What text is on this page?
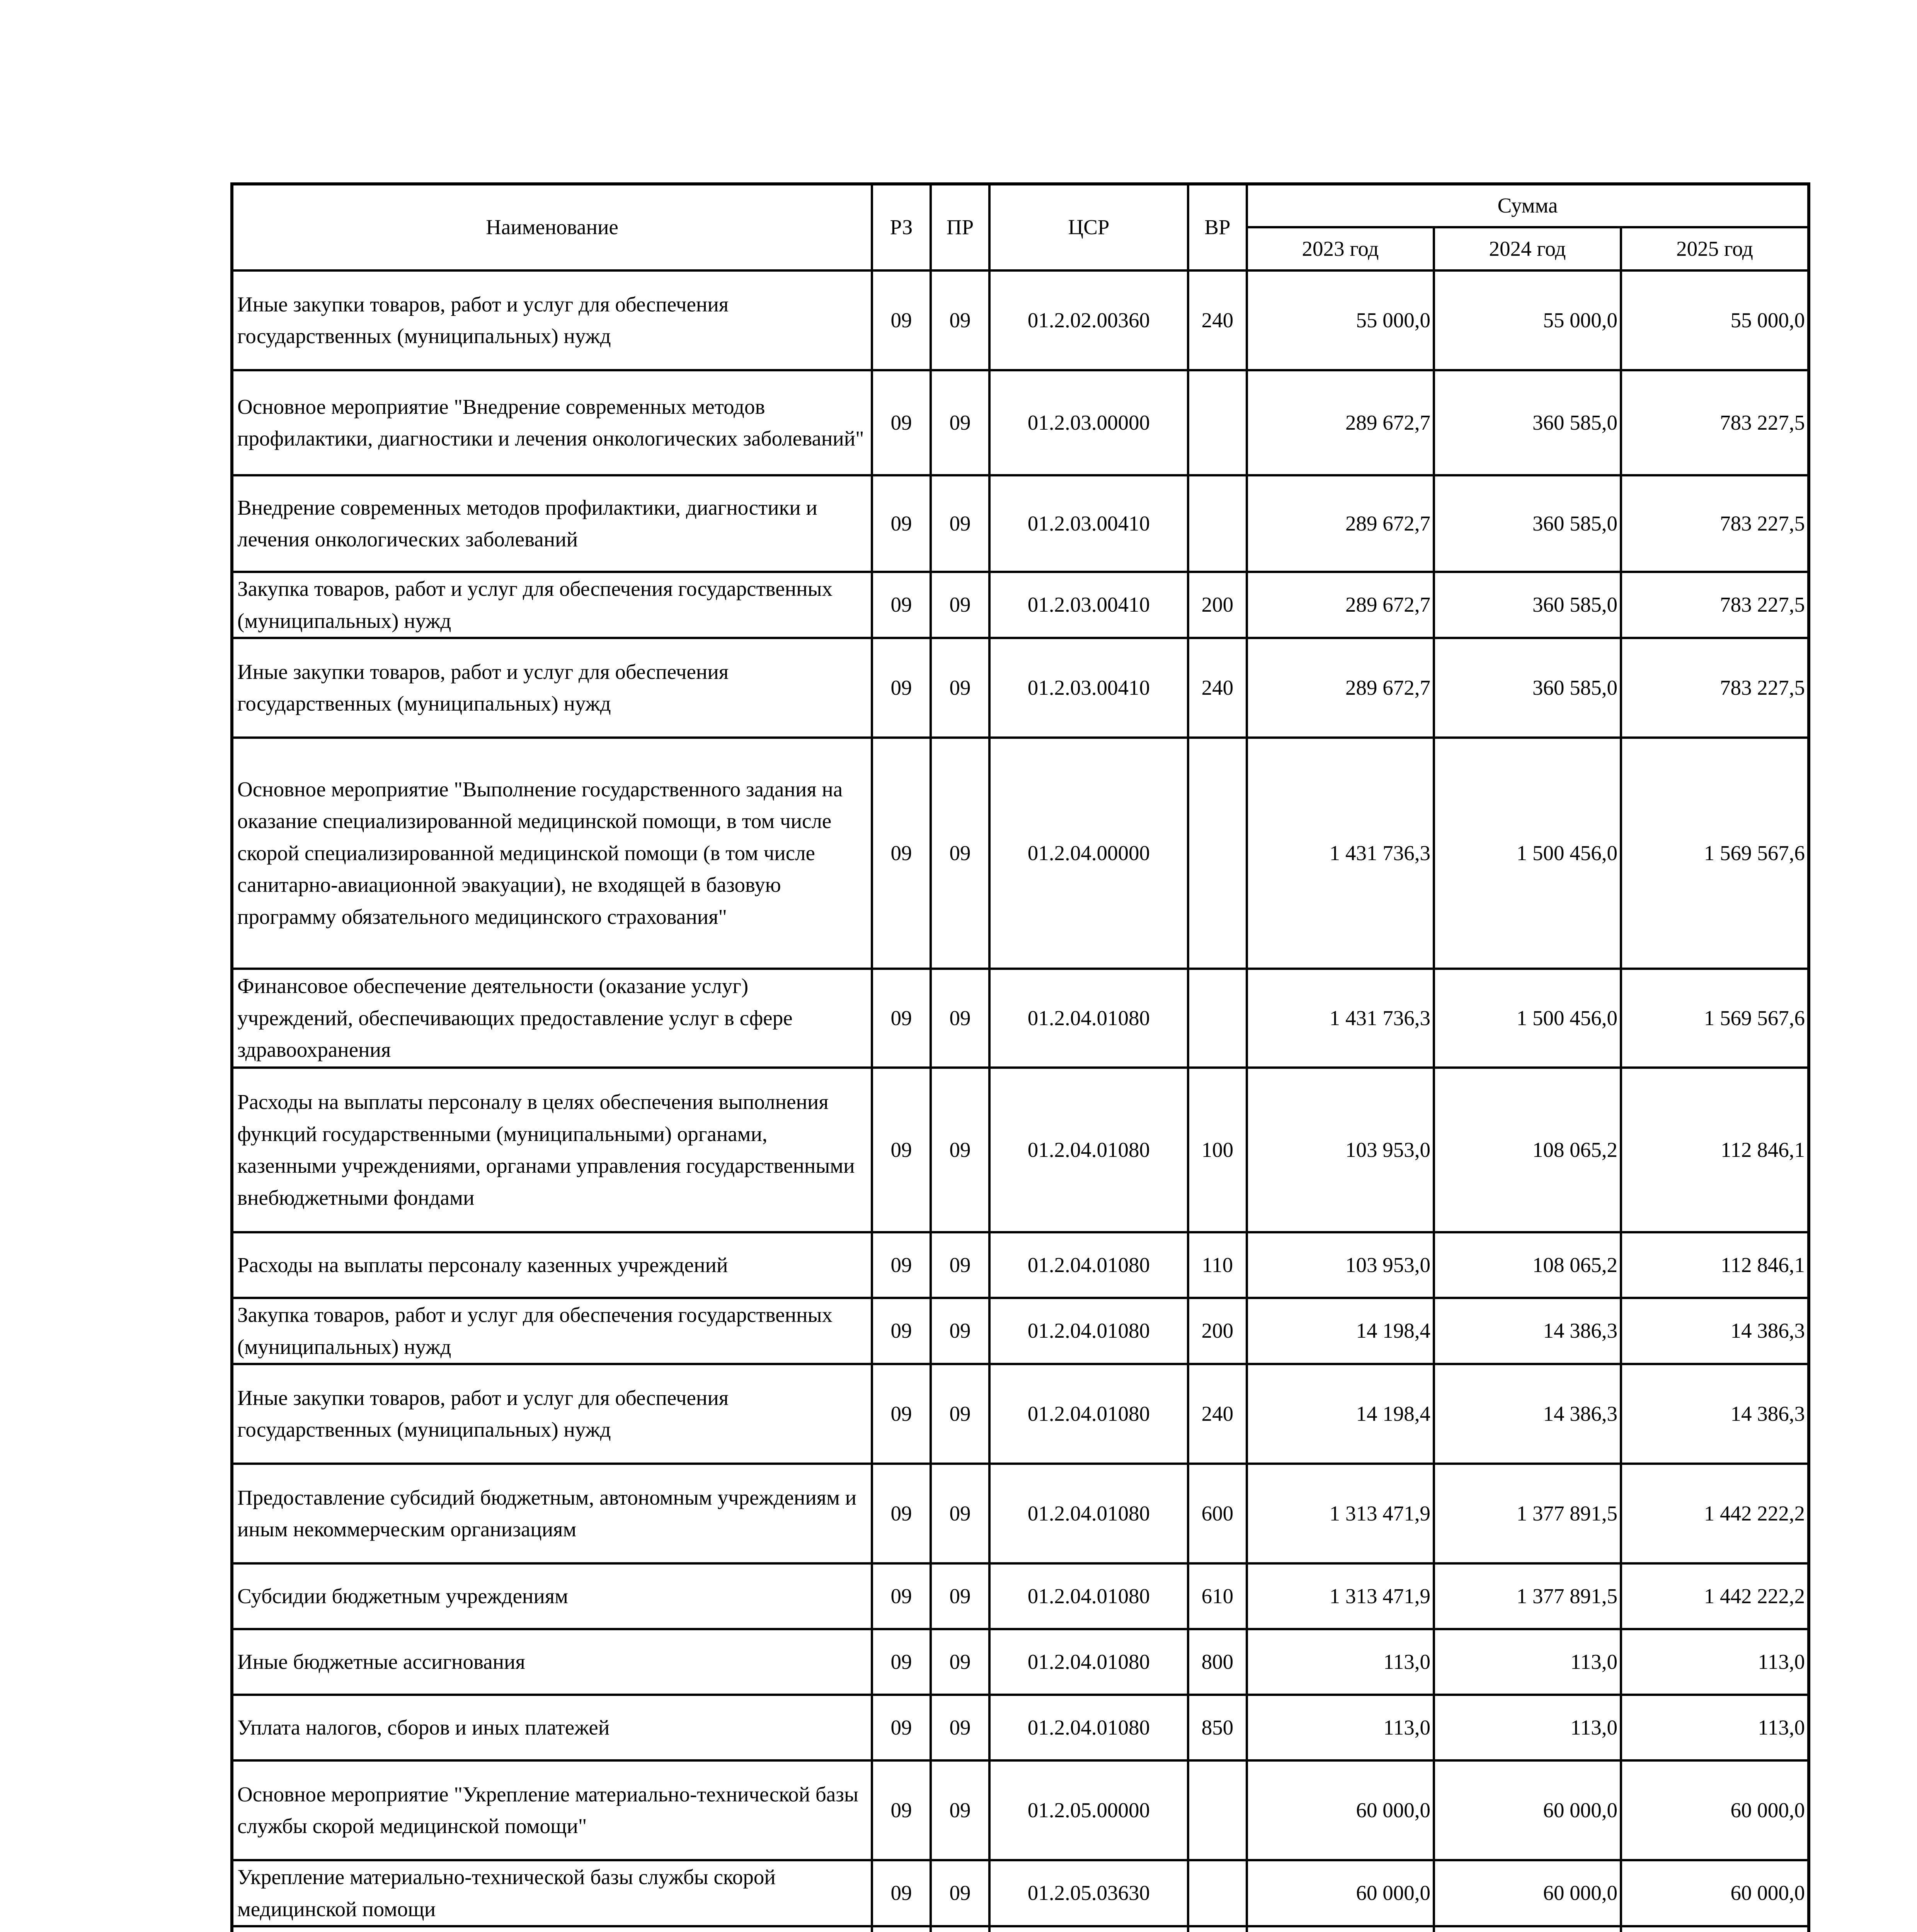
Наименование	РЗ	ПР	ЦСР	ВР	Сумма		
					2023 год	2024 год	2025 год
Иные закупки товаров, работ и услуг для обеспечения государственных (муниципальных) нужд	09	09	01.2.02.00360	240	55 000,0	55 000,0	55 000,0
Основное мероприятие "Внедрение современных методов профилактики, диагностики и лечения онкологических заболеваний"	09	09	01.2.03.00000		289 672,7	360 585,0	783 227,5
Внедрение современных методов профилактики, диагностики и лечения онкологических заболеваний	09	09	01.2.03.00410		289 672,7	360 585,0	783 227,5
Закупка товаров, работ и услуг для обеспечения государственных (муниципальных) нужд	09	09	01.2.03.00410	200	289 672,7	360 585,0	783 227,5
Иные закупки товаров, работ и услуг для обеспечения государственных (муниципальных) нужд	09	09	01.2.03.00410	240	289 672,7	360 585,0	783 227,5
Основное мероприятие "Выполнение государственного задания на оказание специализированной медицинской помощи, в том числе скорой специализированной медицинской помощи (в том числе санитарно-авиационной эвакуации), не входящей в базовую программу обязательного медицинского страхования"	09	09	01.2.04.00000		1 431 736,3	1 500 456,0	1 569 567,6
Финансовое обеспечение деятельности (оказание услуг) учреждений, обеспечивающих предоставление услуг в сфере здравоохранения	09	09	01.2.04.01080		1 431 736,3	1 500 456,0	1 569 567,6
Расходы на выплаты персоналу в целях обеспечения выполнения функций государственными (муниципальными) органами, казенными учреждениями, органами управления государственными внебюджетными фондами	09	09	01.2.04.01080	100	103 953,0	108 065,2	112 846,1
Расходы на выплаты персоналу казенных учреждений	09	09	01.2.04.01080	110	103 953,0	108 065,2	112 846,1
Закупка товаров, работ и услуг для обеспечения государственных (муниципальных) нужд	09	09	01.2.04.01080	200	14 198,4	14 386,3	14 386,3
Иные закупки товаров, работ и услуг для обеспечения государственных (муниципальных) нужд	09	09	01.2.04.01080	240	14 198,4	14 386,3	14 386,3
Предоставление субсидий бюджетным, автономным учреждениям и иным некоммерческим организациям	09	09	01.2.04.01080	600	1 313 471,9	1 377 891,5	1 442 222,2
Субсидии бюджетным учреждениям	09	09	01.2.04.01080	610	1 313 471,9	1 377 891,5	1 442 222,2
Иные бюджетные ассигнования	09	09	01.2.04.01080	800	113,0	113,0	113,0
Уплата налогов, сборов и иных платежей	09	09	01.2.04.01080	850	113,0	113,0	113,0
Основное мероприятие "Укрепление материально-технической базы службы скорой медицинской помощи"	09	09	01.2.05.00000		60 000,0	60 000,0	60 000,0
Укрепление материально-технической базы службы скорой медицинской помощи	09	09	01.2.05.03630		60 000,0	60 000,0	60 000,0
